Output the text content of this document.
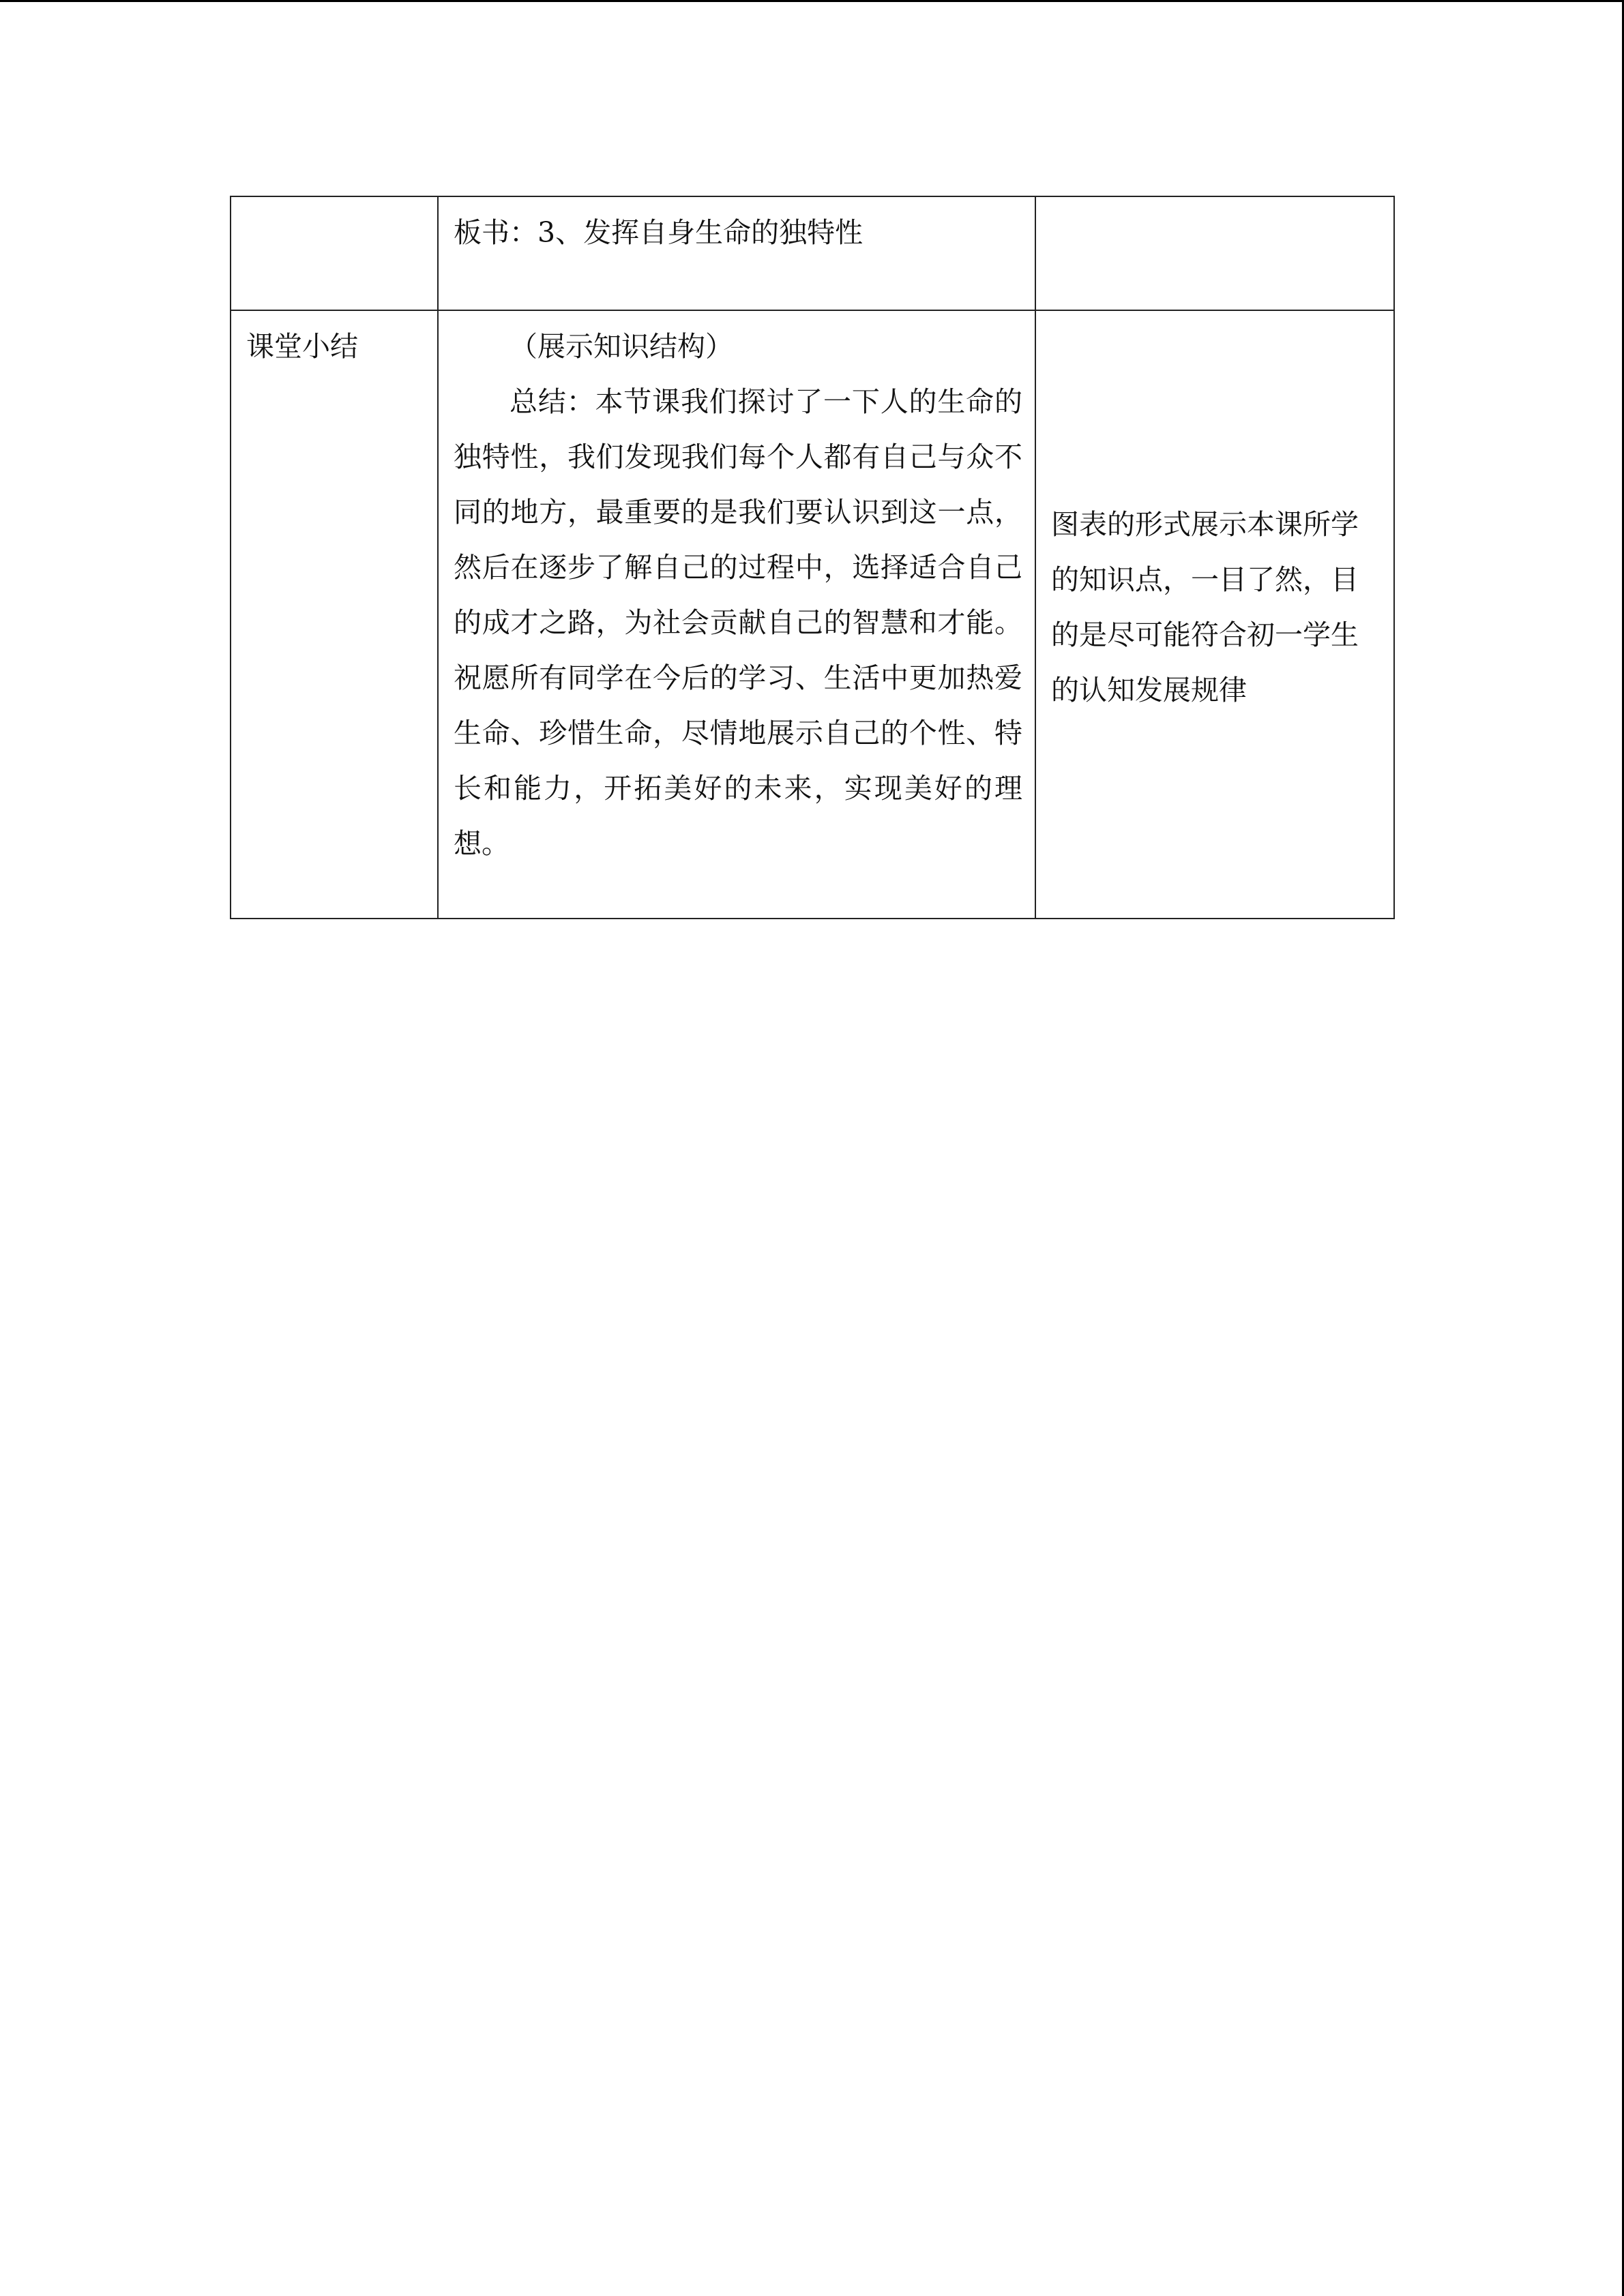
	板书：3、发挥自身生命的独特性	

课堂小结	（展示知识结构）

总结：本节课我们探讨了一下人的生命的独特性，我们发现我们每个人都有自己与众不同的地方，最重要的是我们要认识到这一点，然后在逐步了解自己的过程中，选择适合自己的成才之路，为社会贡献自己的智慧和才能。祝愿所有同学在今后的学习、生活中更加热爱生命、珍惜生命，尽情地展示自己的个性、特长和能力，开拓美好的未来，实现美好的理想。	图表的形式展示本课所学的知识点，一目了然，目的是尽可能符合初一学生的认知发展规律
